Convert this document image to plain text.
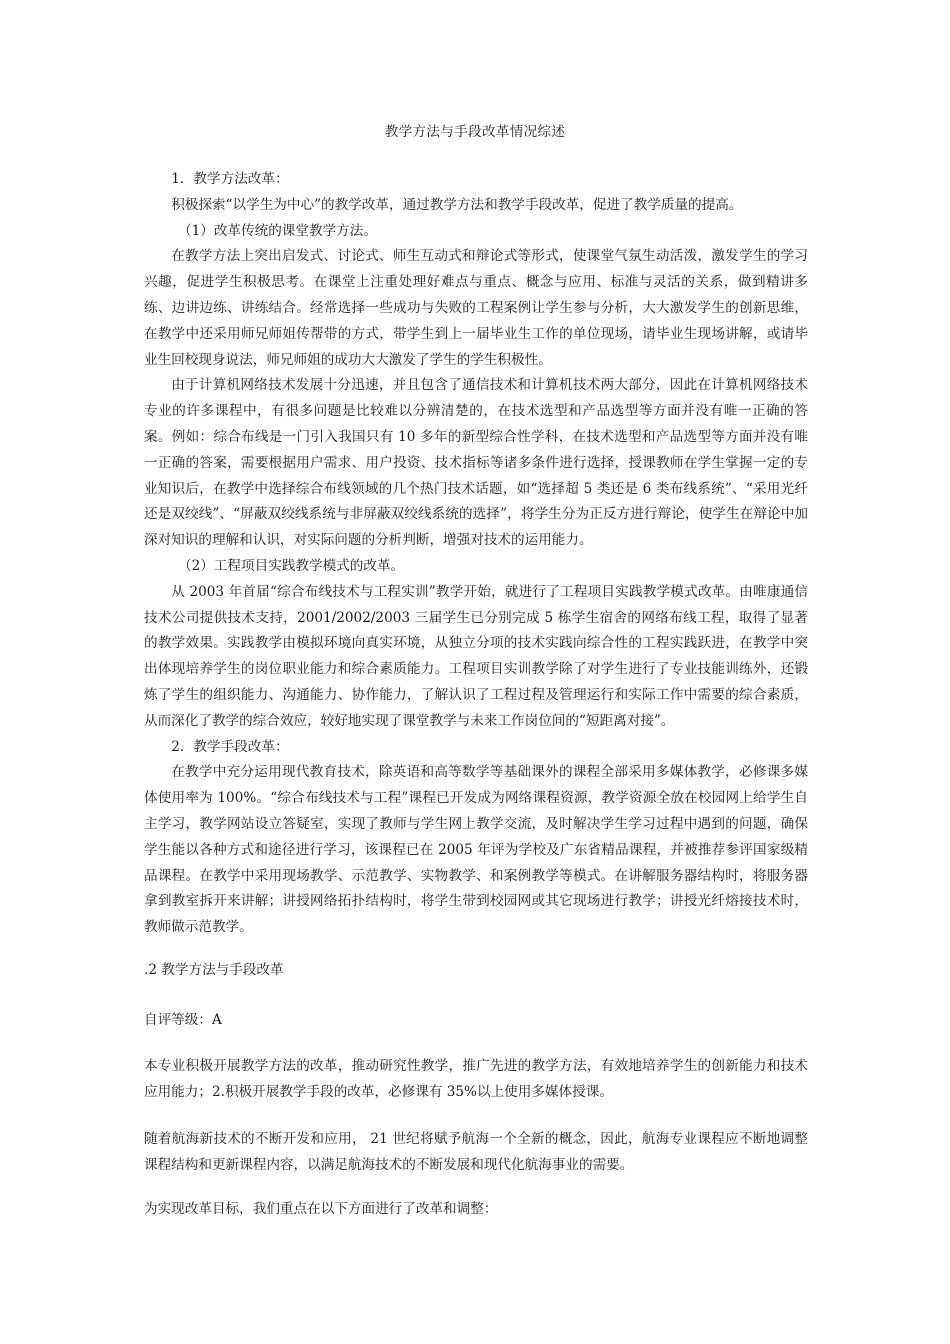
教学方法与手段改革情况综述

1．教学方法改革：

积极探索“以学生为中心”的教学改革，通过教学方法和教学手段改革，促进了教学质量的提高。

（1）改革传统的课堂教学方法。

在教学方法上突出启发式、讨论式、师生互动式和辩论式等形式，使课堂气氛生动活泼，激发学生的学习兴趣，促进学生积极思考。在课堂上注重处理好难点与重点、概念与应用、标准与灵活的关系，做到精讲多练、边讲边练、讲练结合。经常选择一些成功与失败的工程案例让学生参与分析，大大激发学生的创新思维，在教学中还采用师兄师姐传帮带的方式，带学生到上一届毕业生工作的单位现场，请毕业生现场讲解，或请毕业生回校现身说法，师兄师姐的成功大大激发了学生的学生积极性。

由于计算机网络技术发展十分迅速，并且包含了通信技术和计算机技术两大部分，因此在计算机网络技术专业的许多课程中，有很多问题是比较难以分辨清楚的，在技术选型和产品选型等方面并没有唯一正确的答案。例如：综合布线是一门引入我国只有 10 多年的新型综合性学科，在技术选型和产品选型等方面并没有唯一正确的答案，需要根据用户需求、用户投资、技术指标等诸多条件进行选择，授课教师在学生掌握一定的专业知识后，在教学中选择综合布线领域的几个热门技术话题，如“选择超 5 类还是 6 类布线系统”、“采用光纤还是双绞线”、“屏蔽双绞线系统与非屏蔽双绞线系统的选择”，将学生分为正反方进行辩论，使学生在辩论中加深对知识的理解和认识，对实际问题的分析判断，增强对技术的运用能力。

（2）工程项目实践教学模式的改革。

从 2003 年首届“综合布线技术与工程实训”教学开始，就进行了工程项目实践教学模式改革。由唯康通信技术公司提供技术支持，2001/2002/2003 三届学生已分别完成 5 栋学生宿舍的网络布线工程，取得了显著的教学效果。实践教学由模拟环境向真实环境，从独立分项的技术实践向综合性的工程实践跃进，在教学中突出体现培养学生的岗位职业能力和综合素质能力。工程项目实训教学除了对学生进行了专业技能训练外，还锻炼了学生的组织能力、沟通能力、协作能力，了解认识了工程过程及管理运行和实际工作中需要的综合素质，从而深化了教学的综合效应，较好地实现了课堂教学与未来工作岗位间的“短距离对接”。

2．教学手段改革：

在教学中充分运用现代教育技术，除英语和高等数学等基础课外的课程全部采用多媒体教学，必修课多媒体使用率为 100%。“综合布线技术与工程”课程已开发成为网络课程资源，教学资源全放在校园网上给学生自主学习，教学网站设立答疑室，实现了教师与学生网上教学交流，及时解决学生学习过程中遇到的问题，确保学生能以各种方式和途径进行学习，该课程已在 2005 年评为学校及广东省精品课程，并被推荐参评国家级精品课程。在教学中采用现场教学、示范教学、实物教学、和案例教学等模式。在讲解服务器结构时，将服务器拿到教室拆开来讲解；讲授网络拓扑结构时，将学生带到校园网或其它现场进行教学；讲授光纤熔接技术时，教师做示范教学。

.2 教学方法与手段改革

自评等级：A

本专业积极开展教学方法的改革，推动研究性教学，推广先进的教学方法，有效地培养学生的创新能力和技术应用能力；2.积极开展教学手段的改革，必修课有 35%以上使用多媒体授课。

随着航海新技术的不断开发和应用， 21 世纪将赋予航海一个全新的概念，因此，航海专业课程应不断地调整课程结构和更新课程内容，以满足航海技术的不断发展和现代化航海事业的需要。

为实现改革目标，我们重点在以下方面进行了改革和调整：
